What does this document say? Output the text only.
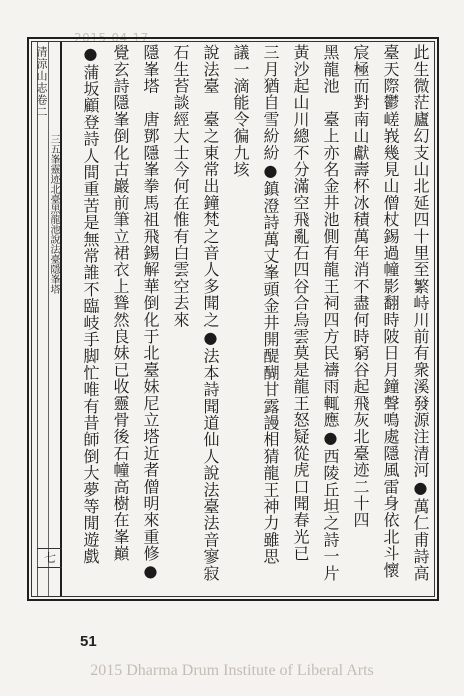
2015-04-17
清涼山志卷二
三五峯靈迹北臺黑龍池說法臺隱峯塔
七	此生微茫廬幻支山北延四十里至繁峙川前有衆溪發源注清河●萬仁甫詩高
臺天際鬱嵯峩幾見山僧杖錫過幢影翻時陂日月鐘聲鳴處隱風雷身依北斗懷
宸極而對南山獻壽杯冰積萬年消不盡何時窮谷起飛灰北臺迹二十四
黑龍池　臺上亦名金井池側有龍王祠四方民禱雨輒應●西陵丘坦之詩一片
黃沙起山川總不分滿空飛亂石四谷合烏雲莫是龍王怒疑從虎口聞春光已
三月猶自雪紛紛●鎮澄詩萬丈峯頭金井開醍醐甘露謾相猜龍王神力雖思
議一滴能令徧九垓
說法臺　臺之東常出鐘梵之音人多聞之●法本詩聞道仙人說法臺法音寥寂
石生苔談經大士今何在惟有白雲空去來
隱峯塔　唐鄧隱峯拳馬祖飛錫解華倒化于北臺妹尼立塔近者僧明來重修●
覺玄詩隱峯倒化古巖前筆立裙衣上聳然良妹已收靈骨後石幢高樹在峯巔
●蒲坂顧登詩人間重苦是無常誰不臨岐手脚忙唯有昔師倒大夢等閒遊戲
51
2015 Dharma Drum Institute of Liberal Arts
